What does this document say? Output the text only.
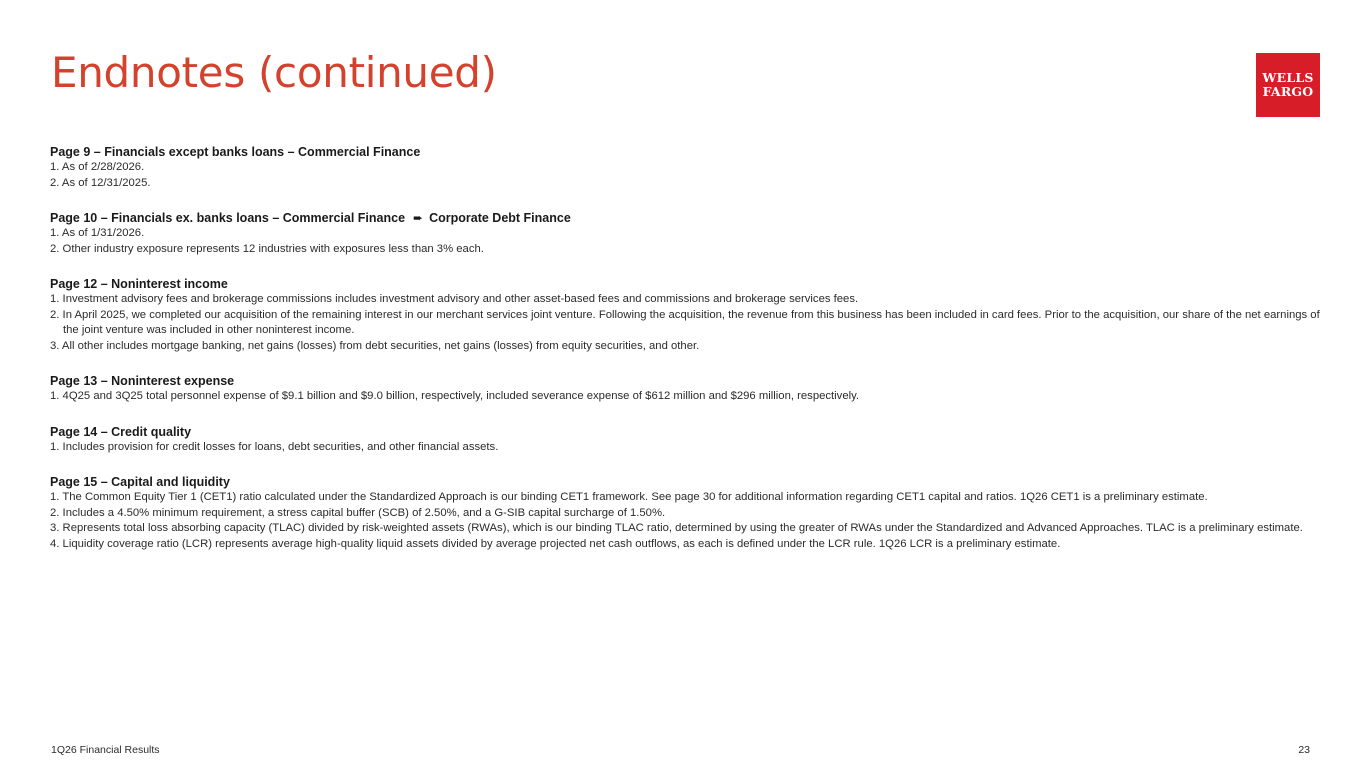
Endnotes (continued)	WELLS
FARGO
Page 9 – Financials except banks loans – Commercial Finance
1. As of 2/28/2026.
2. As of 12/31/2025.
Page 10 – Financials ex. banks loans – Commercial Finance ➨ Corporate Debt Finance
1. As of 1/31/2026.
2. Other industry exposure represents 12 industries with exposures less than 3% each.
Page 12 – Noninterest income
1. Investment advisory fees and brokerage commissions includes investment advisory and other asset-based fees and commissions and brokerage services fees.
2. In April 2025, we completed our acquisition of the remaining interest in our merchant services joint venture. Following the acquisition, the revenue from this business has been included in card fees. Prior to the acquisition, our share of the net earnings of the joint venture was included in other noninterest income.
3. All other includes mortgage banking, net gains (losses) from debt securities, net gains (losses) from equity securities, and other.
Page 13 – Noninterest expense
1. 4Q25 and 3Q25 total personnel expense of $9.1 billion and $9.0 billion, respectively, included severance expense of $612 million and $296 million, respectively.
Page 14 – Credit quality
1. Includes provision for credit losses for loans, debt securities, and other financial assets.
Page 15 – Capital and liquidity
1. The Common Equity Tier 1 (CET1) ratio calculated under the Standardized Approach is our binding CET1 framework. See page 30 for additional information regarding CET1 capital and ratios. 1Q26 CET1 is a preliminary estimate.
2. Includes a 4.50% minimum requirement, a stress capital buffer (SCB) of 2.50%, and a G-SIB capital surcharge of 1.50%.
3. Represents total loss absorbing capacity (TLAC) divided by risk-weighted assets (RWAs), which is our binding TLAC ratio, determined by using the greater of RWAs under the Standardized and Advanced Approaches. TLAC is a preliminary estimate.
4. Liquidity coverage ratio (LCR) represents average high-quality liquid assets divided by average projected net cash outflows, as each is defined under the LCR rule. 1Q26 LCR is a preliminary estimate.
1Q26 Financial Results	23
